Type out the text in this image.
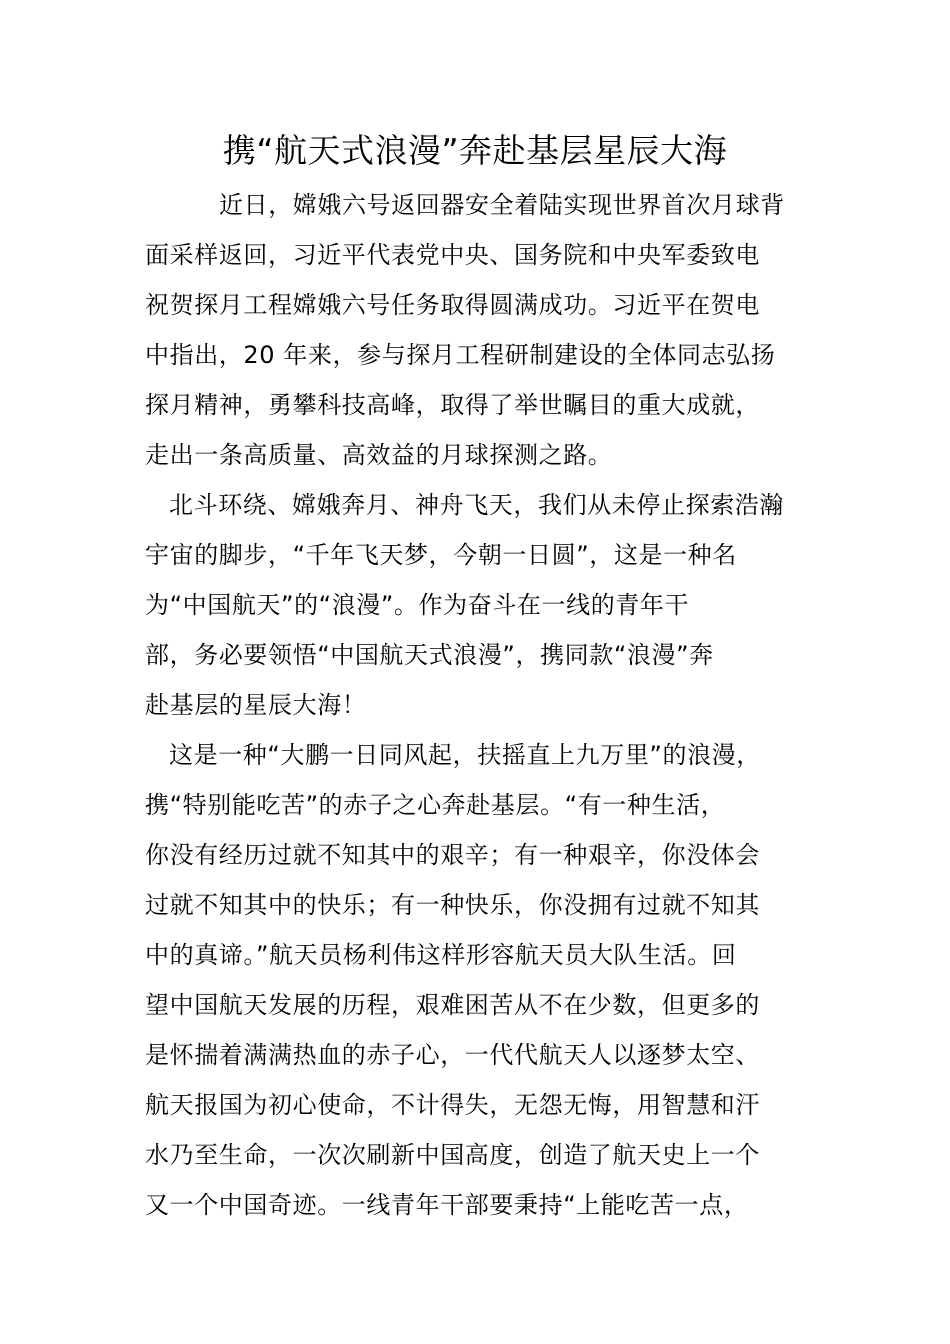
携“航天式浪漫”奔赴基层星辰大海

近日，嫦娥六号返回器安全着陆实现世界首次月球背
面采样返回，习近平代表党中央、国务院和中央军委致电
祝贺探月工程嫦娥六号任务取得圆满成功。习近平在贺电
中指出，20 年来，参与探月工程研制建设的全体同志弘扬
探月精神，勇攀科技高峰，取得了举世瞩目的重大成就，
走出一条高质量、高效益的月球探测之路。

北斗环绕、嫦娥奔月、神舟飞天，我们从未停止探索浩瀚
宇宙的脚步，“千年飞天梦，今朝一日圆”，这是一种名
为“中国航天”的“浪漫”。作为奋斗在一线的青年干
部，务必要领悟“中国航天式浪漫”，携同款“浪漫”奔
赴基层的星辰大海！

这是一种“大鹏一日同风起，扶摇直上九万里”的浪漫，
携“特别能吃苦”的赤子之心奔赴基层。“有一种生活，
你没有经历过就不知其中的艰辛；有一种艰辛，你没体会
过就不知其中的快乐；有一种快乐，你没拥有过就不知其
中的真谛。”航天员杨利伟这样形容航天员大队生活。回
望中国航天发展的历程，艰难困苦从不在少数，但更多的
是怀揣着满满热血的赤子心，一代代航天人以逐梦太空、
航天报国为初心使命，不计得失，无怨无悔，用智慧和汗
水乃至生命，一次次刷新中国高度，创造了航天史上一个
又一个中国奇迹。一线青年干部要秉持“上能吃苦一点，
